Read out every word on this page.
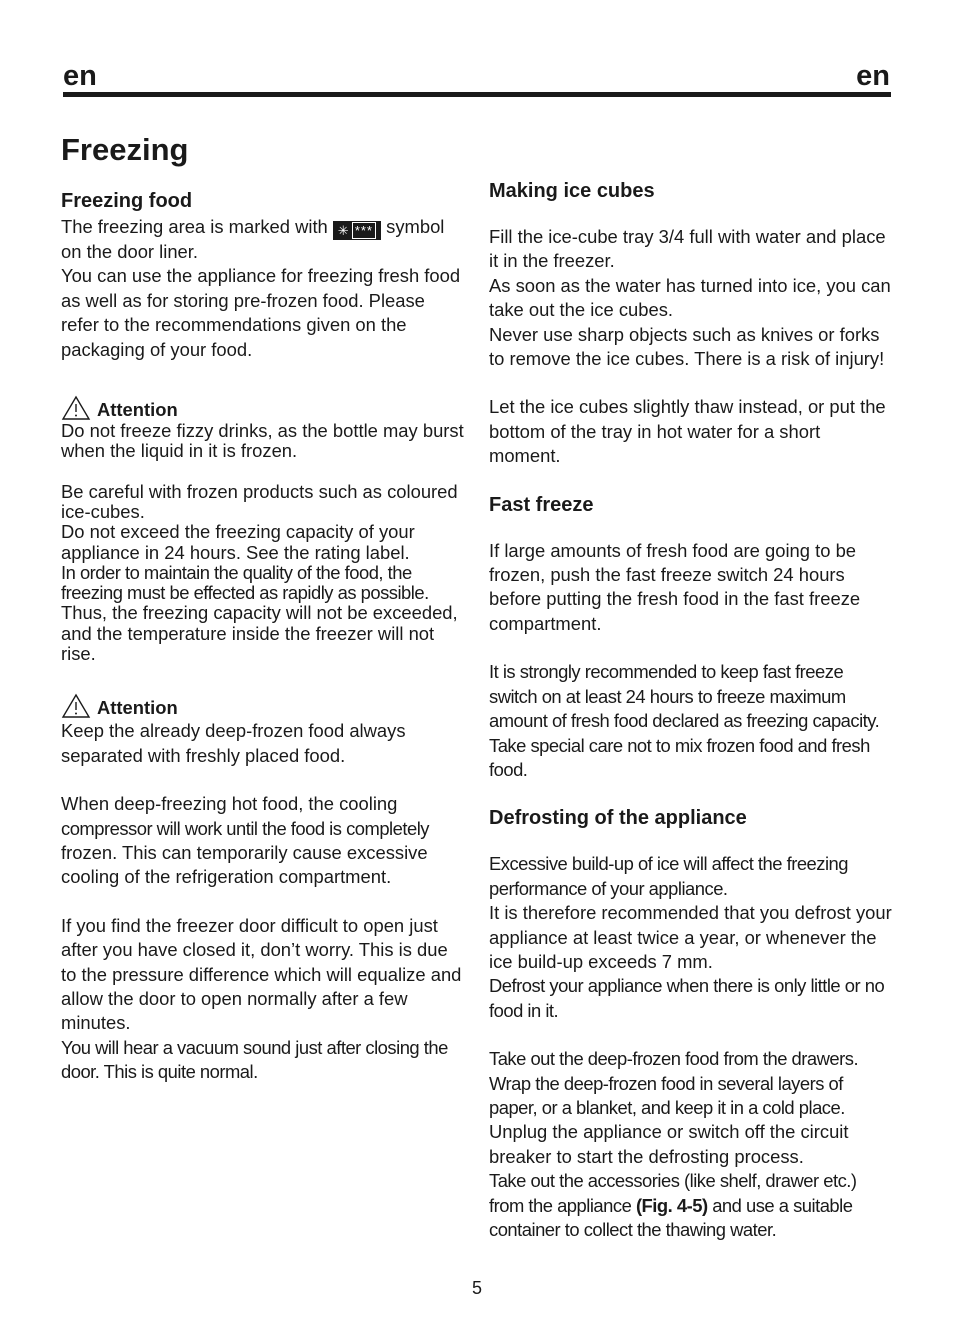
en	en
Freezing
Freezing food

The freezing area is marked with ✳ *** symbol on the door liner.

You can use the appliance for freezing fresh food as well as for storing pre-frozen food. Please refer to the recommendations given on the packaging of your food.

Attention

Do not freeze fizzy drinks, as the bottle may burst when the liquid in it is frozen.

Be careful with frozen products such as coloured ice-cubes.

Do not exceed the freezing capacity of your appliance in 24 hours. See the rating label.

In order to maintain the quality of the food, the freezing must be effected as rapidly as possible.

Thus, the freezing capacity will not be exceeded, and the temperature inside the freezer will not rise.

Attention

Keep the already deep-frozen food always separated with freshly placed food.

When deep-freezing hot food, the cooling
compressor will work until the food is completely
frozen. This can temporarily cause excessive cooling of the refrigeration compartment.

If you find the freezer door difficult to open just after you have closed it, don’t worry. This is due to the pressure difference which will equalize and allow the door to open normally after a few minutes.

You will hear a vacuum sound just after closing the door. This is quite normal.

Making ice cubes

Fill the ice-cube tray 3/4 full with water and place it in the freezer.

As soon as the water has turned into ice, you can take out the ice cubes.

Never use sharp objects such as knives or forks to remove the ice cubes. There is a risk of injury!

Let the ice cubes slightly thaw instead, or put the bottom of the tray in hot water for a short moment.

Fast freeze

If large amounts of fresh food are going to be frozen, push the fast freeze switch 24 hours before putting the fresh food in the fast freeze compartment.

It is strongly recommended to keep fast freeze switch on at least 24 hours to freeze maximum amount of fresh food declared as freezing capacity. Take special care not to mix frozen food and fresh food.

Defrosting of the appliance

Excessive build-up of ice will affect the freezing performance of your appliance.

It is therefore recommended that you defrost your appliance at least twice a year, or whenever the ice build-up exceeds 7 mm.

Defrost your appliance when there is only little or no food in it.

Take out the deep-frozen food from the drawers. Wrap the deep-frozen food in several layers of paper, or a blanket, and keep it in a cold place.

Unplug the appliance or switch off the circuit breaker to start the defrosting process.

Take out the accessories (like shelf, drawer etc.) from the appliance (Fig. 4-5) and use a suitable container to collect the thawing water.

5
